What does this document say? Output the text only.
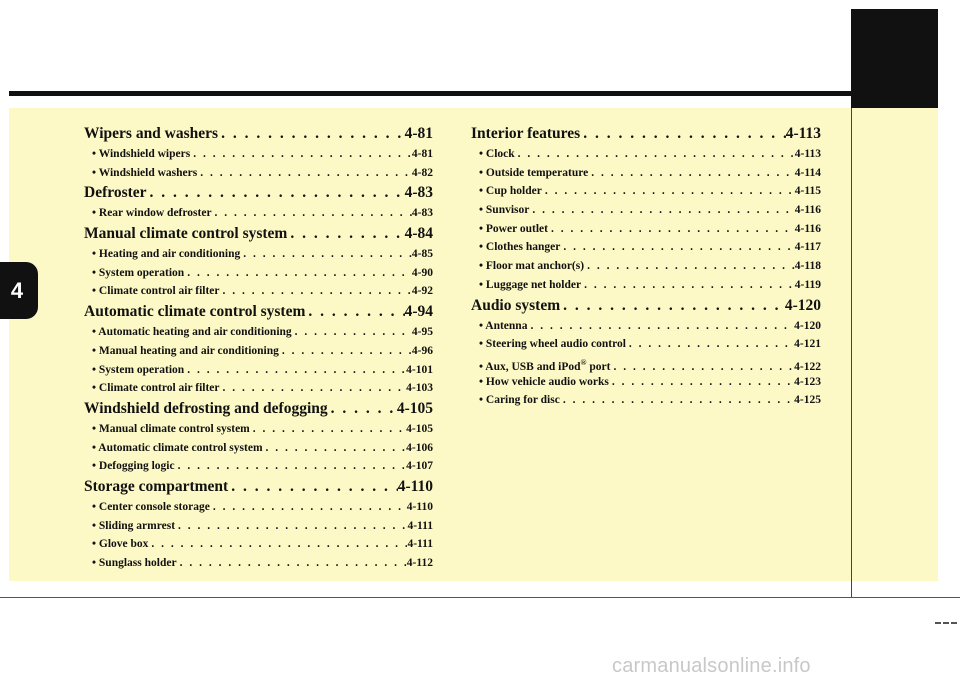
4
Wipers and washers . . .	4-81
• Windshield wipers . . .	4-81
• Windshield washers . . .	4-82
Defroster . . .	4-83
• Rear window defroster . . .	4-83
Manual climate control system . . .	4-84
• Heating and air conditioning . . .	4-85
• System operation . . .	4-90
• Climate control air filter . . .	4-92
Automatic climate control system . . .	4-94
• Automatic heating and air conditioning . . .	4-95
• Manual heating and air conditioning . . .	4-96
• System operation . . .	4-101
• Climate control air filter . . .	4-103
Windshield defrosting and defogging . . .	4-105
• Manual climate control system . . .	4-105
• Automatic climate control system . . .	4-106
• Defogging logic . . .	4-107
Storage compartment . . .	4-110
• Center console storage . . .	4-110
• Sliding armrest . . .	4-111
• Glove box . . .	4-111
• Sunglass holder . . .	4-112
Interior features . . .	4-113
• Clock . . .	4-113
• Outside temperature . . .	4-114
• Cup holder . . .	4-115
• Sunvisor . . .	4-116
• Power outlet . . .	4-116
• Clothes hanger . . .	4-117
• Floor mat anchor(s) . . .	4-118
• Luggage net holder . . .	4-119
Audio system . . .	4-120
• Antenna . . .	4-120
• Steering wheel audio control . . .	4-121
• Aux, USB and iPod® port . . .	4-122
• How vehicle audio works . . .	4-123
• Caring for disc . . .	4-125
carmanualsonline.info
